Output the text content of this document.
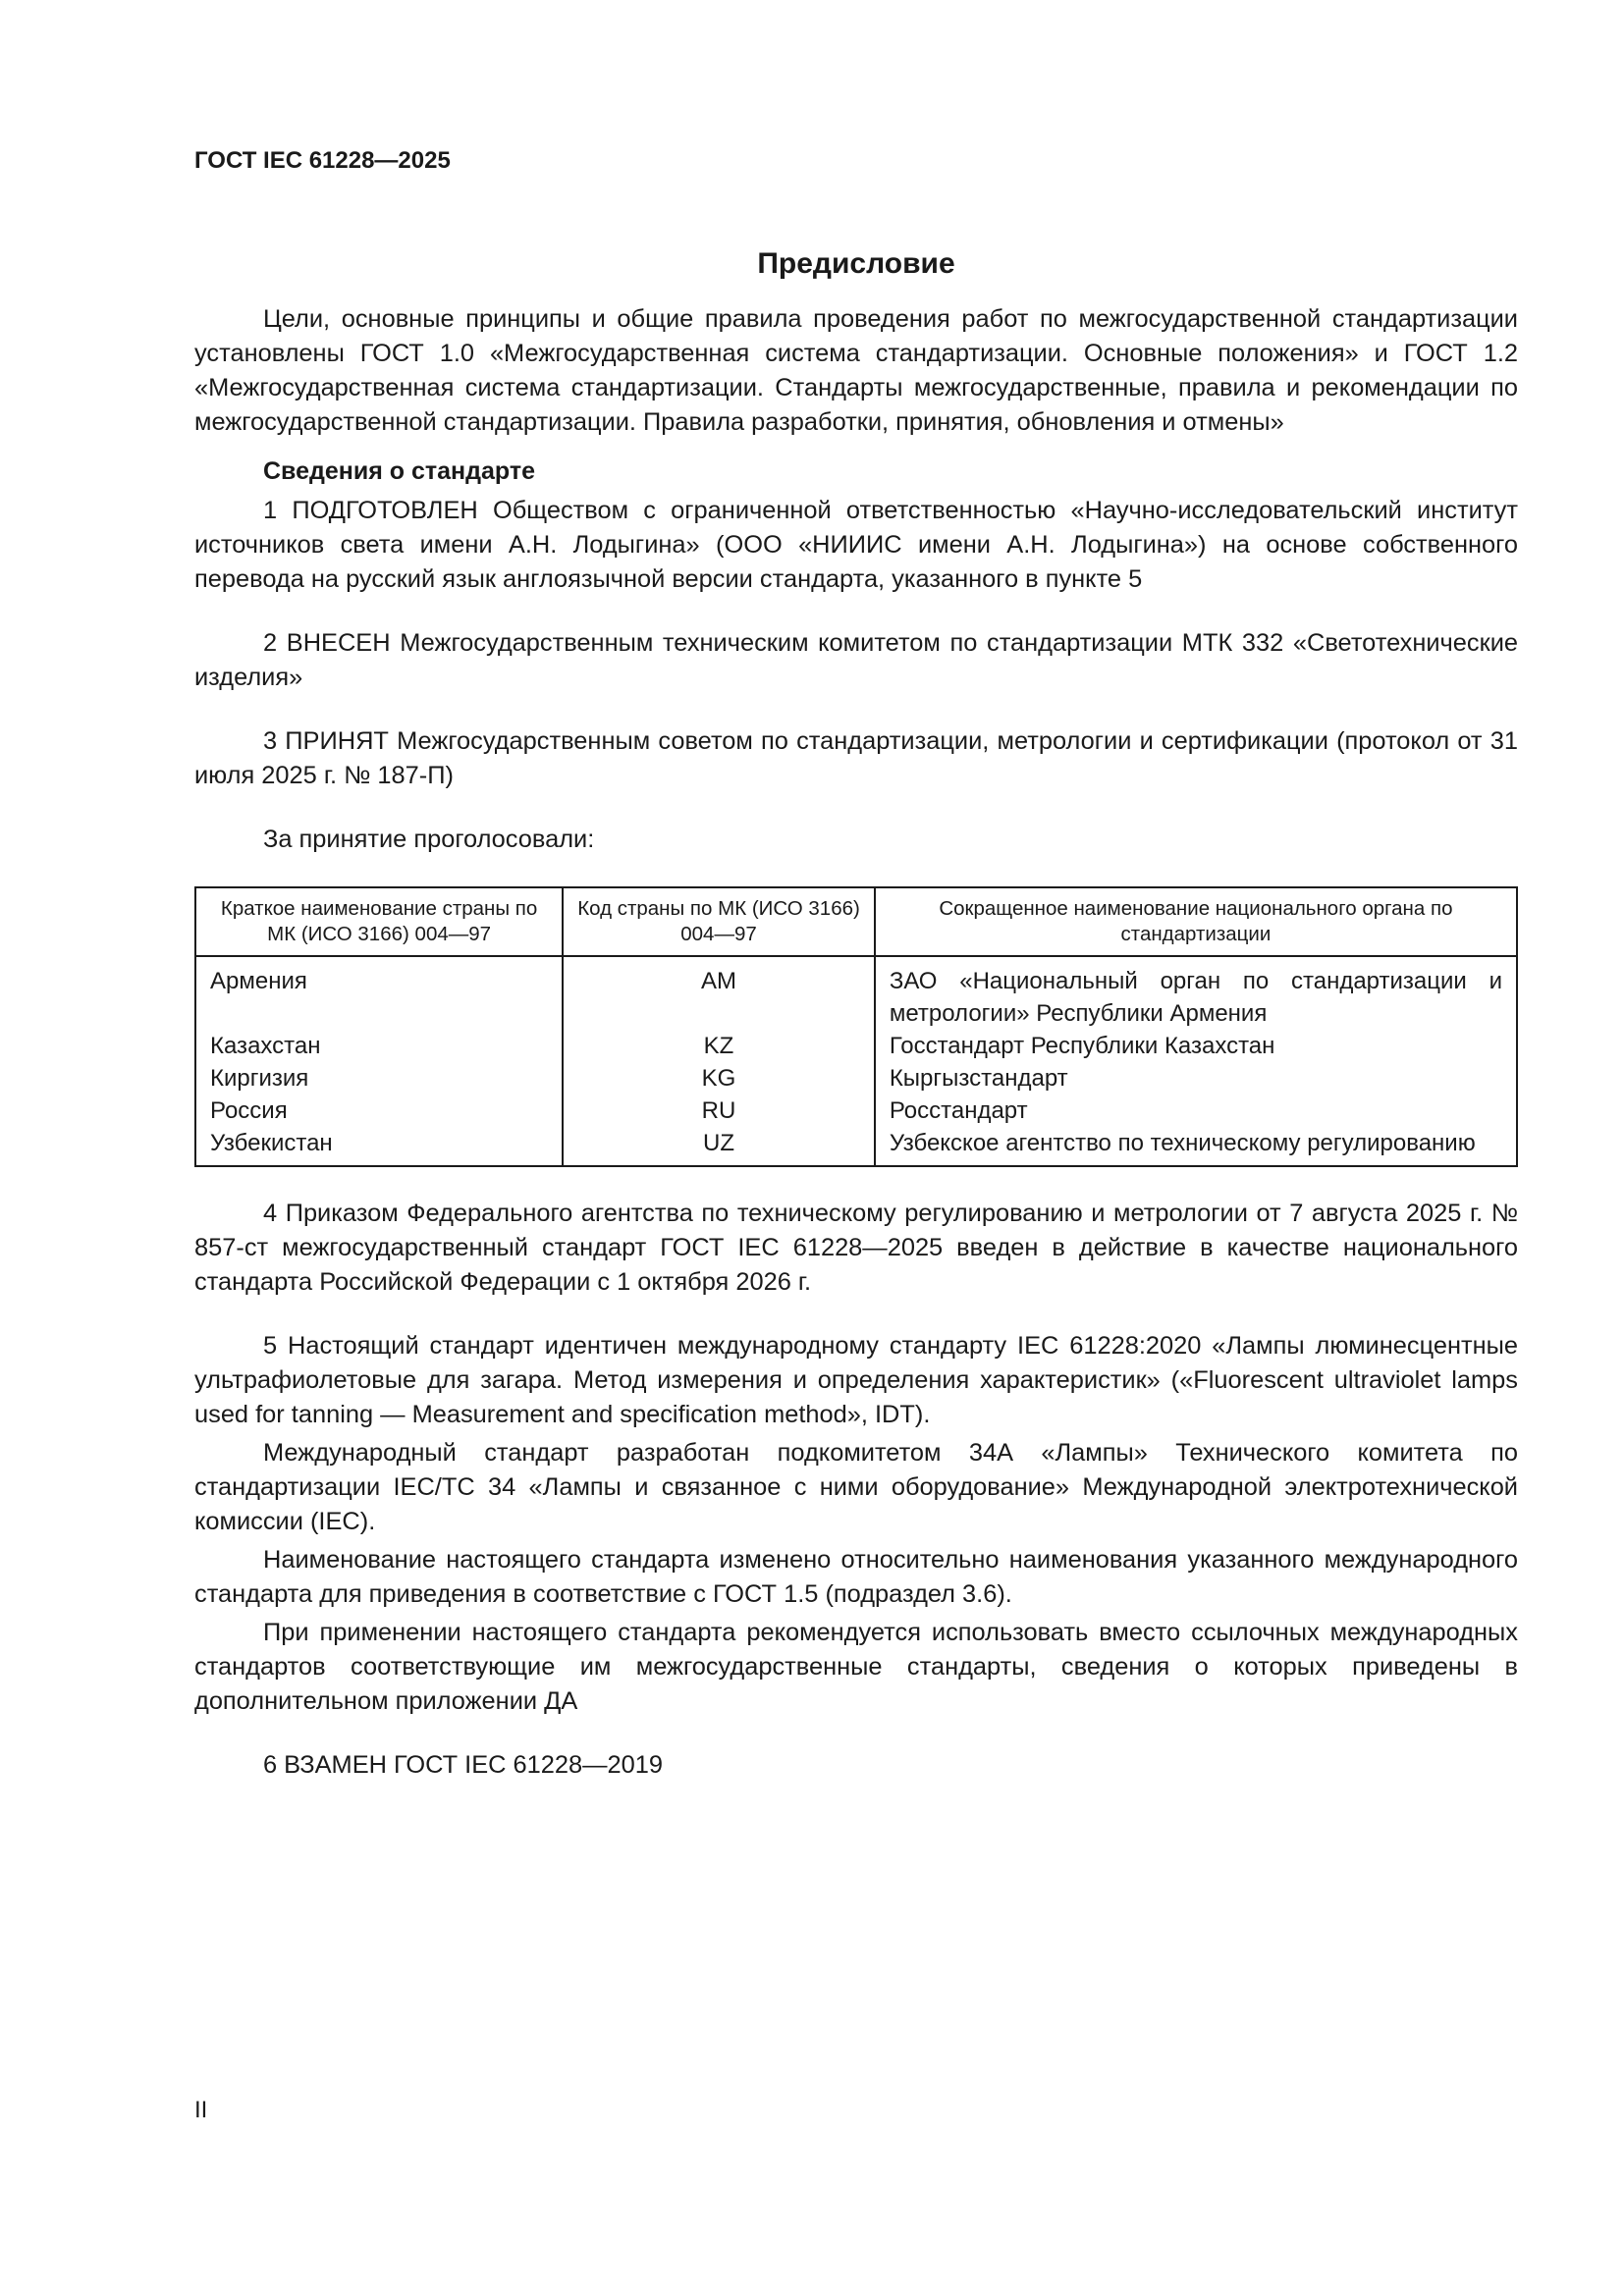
ГОСТ IEC 61228—2025

Предисловие

Цели, основные принципы и общие правила проведения работ по межгосударственной стандартизации установлены ГОСТ 1.0 «Межгосударственная система стандартизации. Основные положения» и ГОСТ 1.2 «Межгосударственная система стандартизации. Стандарты межгосударственные, правила и рекомендации по межгосударственной стандартизации. Правила разработки, принятия, обновления и отмены»

Сведения о стандарте

1 ПОДГОТОВЛЕН Обществом с ограниченной ответственностью «Научно-исследовательский институт источников света имени А.Н. Лодыгина» (ООО «НИИИС имени А.Н. Лодыгина») на основе собственного перевода на русский язык англоязычной версии стандарта, указанного в пункте 5

2 ВНЕСЕН Межгосударственным техническим комитетом по стандартизации МТК 332 «Светотехнические изделия»

3 ПРИНЯТ Межгосударственным советом по стандартизации, метрологии и сертификации (протокол от 31 июля 2025 г. № 187-П)

За принятие проголосовали:

Краткое наименование страны по МК (ИСО 3166) 004—97	Код страны по МК (ИСО 3166) 004—97	Сокращенное наименование национального органа по стандартизации
Армения	AM	ЗАО «Национальный орган по стандартизации и метрологии» Республики Армения
Казахстан	KZ	Госстандарт Республики Казахстан
Киргизия	KG	Кыргызстандарт
Россия	RU	Росстандарт
Узбекистан	UZ	Узбекское агентство по техническому регулированию

4 Приказом Федерального агентства по техническому регулированию и метрологии от 7 августа 2025 г. № 857-ст межгосударственный стандарт ГОСТ IEC 61228—2025 введен в действие в качестве национального стандарта Российской Федерации с 1 октября 2026 г.

5 Настоящий стандарт идентичен международному стандарту IEC 61228:2020 «Лампы люминесцентные ультрафиолетовые для загара. Метод измерения и определения характеристик» («Fluorescent ultraviolet lamps used for tanning — Measurement and specification method», IDT).

Международный стандарт разработан подкомитетом 34А «Лампы» Технического комитета по стандартизации IEC/TC 34 «Лампы и связанное с ними оборудование» Международной электротехнической комиссии (IEC).

Наименование настоящего стандарта изменено относительно наименования указанного международного стандарта для приведения в соответствие с ГОСТ 1.5 (подраздел 3.6).

При применении настоящего стандарта рекомендуется использовать вместо ссылочных международных стандартов соответствующие им межгосударственные стандарты, сведения о которых приведены в дополнительном приложении ДА

6 ВЗАМЕН ГОСТ IEC 61228—2019

II
